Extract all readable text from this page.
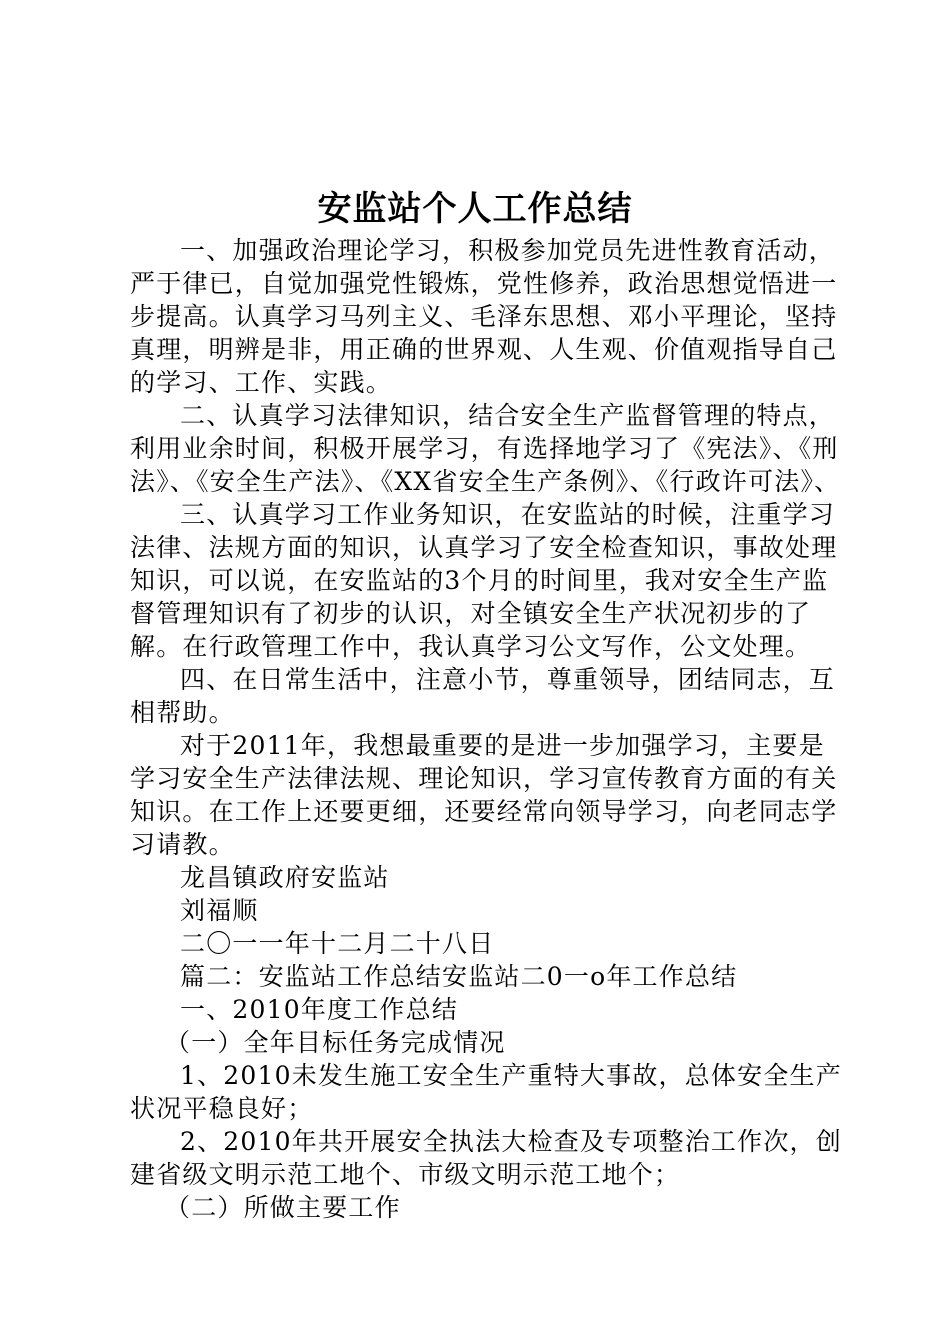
安监站个人工作总结

一、加强政治理论学习，积极参加党员先进性教育活动，严于律已，自觉加强党性锻炼，党性修养，政治思想觉悟进一步提高。认真学习马列主义、毛泽东思想、邓小平理论，坚持真理，明辨是非，用正确的世界观、人生观、价值观指导自己的学习、工作、实践。

二、认真学习法律知识，结合安全生产监督管理的特点，利用业余时间，积极开展学习，有选择地学习了《宪法》、《刑法》、《安全生产法》、《XX省安全生产条例》、《行政许可法》、

三、认真学习工作业务知识，在安监站的时候，注重学习法律、法规方面的知识，认真学习了安全检查知识，事故处理知识，可以说，在安监站的3个月的时间里，我对安全生产监督管理知识有了初步的认识，对全镇安全生产状况初步的了解。在行政管理工作中，我认真学习公文写作，公文处理。

四、在日常生活中，注意小节，尊重领导，团结同志，互相帮助。

对于2011年，我想最重要的是进一步加强学习，主要是学习安全生产法律法规、理论知识，学习宣传教育方面的有关知识。在工作上还要更细，还要经常向领导学习，向老同志学习请教。

龙昌镇政府安监站

刘福顺

二〇一一年十二月二十八日

篇二：安监站工作总结安监站二0一o年工作总结

一、2010年度工作总结

（一）全年目标任务完成情况

1、2010未发生施工安全生产重特大事故，总体安全生产状况平稳良好；

2、2010年共开展安全执法大检查及专项整治工作次，创建省级文明示范工地个、市级文明示范工地个；

（二）所做主要工作
